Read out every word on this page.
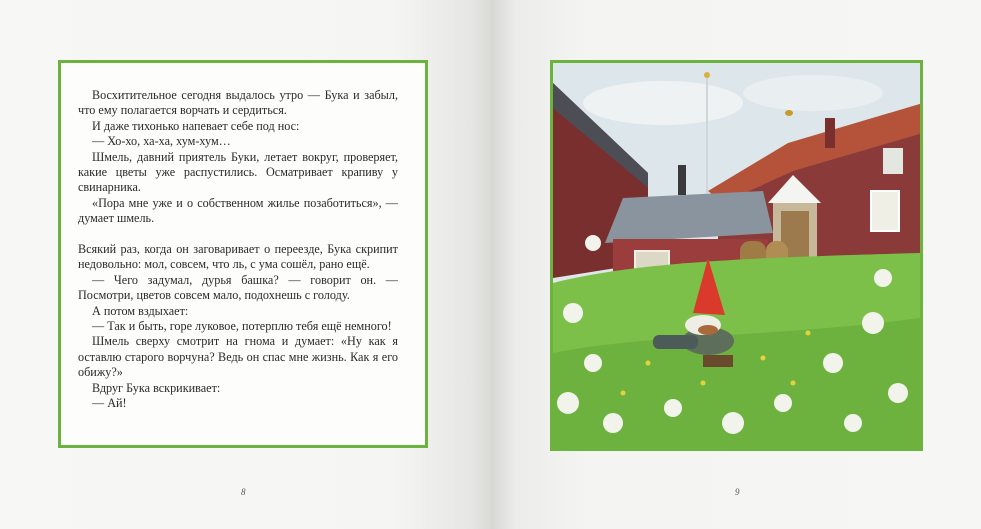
Восхитительное сегодня выдалось утро — Бука и забыл, что ему полагается ворчать и сердиться.

И даже тихонько напевает себе под нос:

— Хо-хо, ха-ха, хум-хум…

Шмель, давний приятель Буки, летает вокруг, проверяет, какие цветы уже распустились. Осматривает крапиву у свинарника.

«Пора мне уже и о собственном жилье позаботиться», — думает шмель.

Всякий раз, когда он заговаривает о переезде, Бука скрипит недовольно: мол, совсем, что ль, с ума сошёл, рано ещё.

— Чего задумал, дурья башка? — говорит он. — Посмотри, цветов совсем мало, подохнешь с голоду.

А потом вздыхает:

— Так и быть, горе луковое, потерплю тебя ещё немного!

Шмель сверху смотрит на гнома и думает: «Ну как я оставлю старого ворчуна? Ведь он спас мне жизнь. Как я его обижу?»

Вдруг Бука вскрикивает:

— Ай!

8	9
